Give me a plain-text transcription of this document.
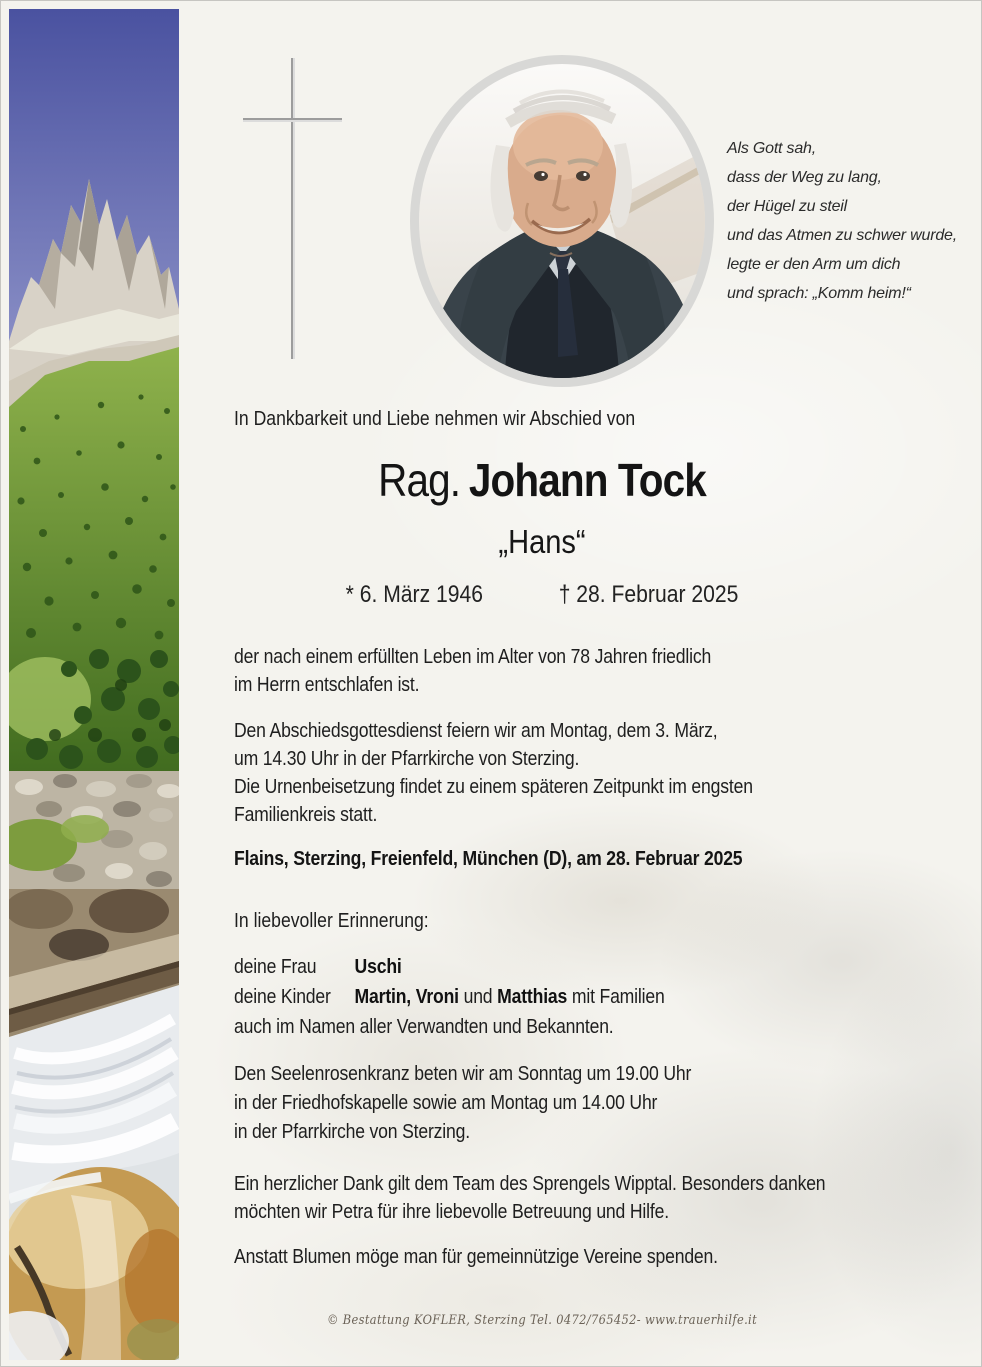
Als Gott sah,
dass der Weg zu lang,
der Hügel zu steil
und das Atmen zu schwer wurde,
legte er den Arm um dich
und sprach: „Komm heim!“
In Dankbarkeit und Liebe nehmen wir Abschied von
Rag. Johann Tock
„Hans“
* 6. März 1946	† 28. Februar 2025
der nach einem erfüllten Leben im Alter von 78 Jahren friedlich
im Herrn entschlafen ist.
Den Abschiedsgottesdienst feiern wir am Montag, dem 3. März,
um 14.30 Uhr in der Pfarrkirche von Sterzing.
Die Urnenbeisetzung findet zu einem späteren Zeitpunkt im engsten
Familienkreis statt.
Flains, Sterzing, Freienfeld, München (D), am 28. Februar 2025
In liebevoller Erinnerung:
deine Frau Uschi
deine Kinder Martin, Vroni und Matthias mit Familien
auch im Namen aller Verwandten und Bekannten.
Den Seelenrosenkranz beten wir am Sonntag um 19.00 Uhr
in der Friedhofskapelle sowie am Montag um 14.00 Uhr
in der Pfarrkirche von Sterzing.
Ein herzlicher Dank gilt dem Team des Sprengels Wipptal. Besonders danken
möchten wir Petra für ihre liebevolle Betreuung und Hilfe.
Anstatt Blumen möge man für gemeinnützige Vereine spenden.
© Bestattung KOFLER, Sterzing Tel. 0472/765452- www.trauerhilfe.it
